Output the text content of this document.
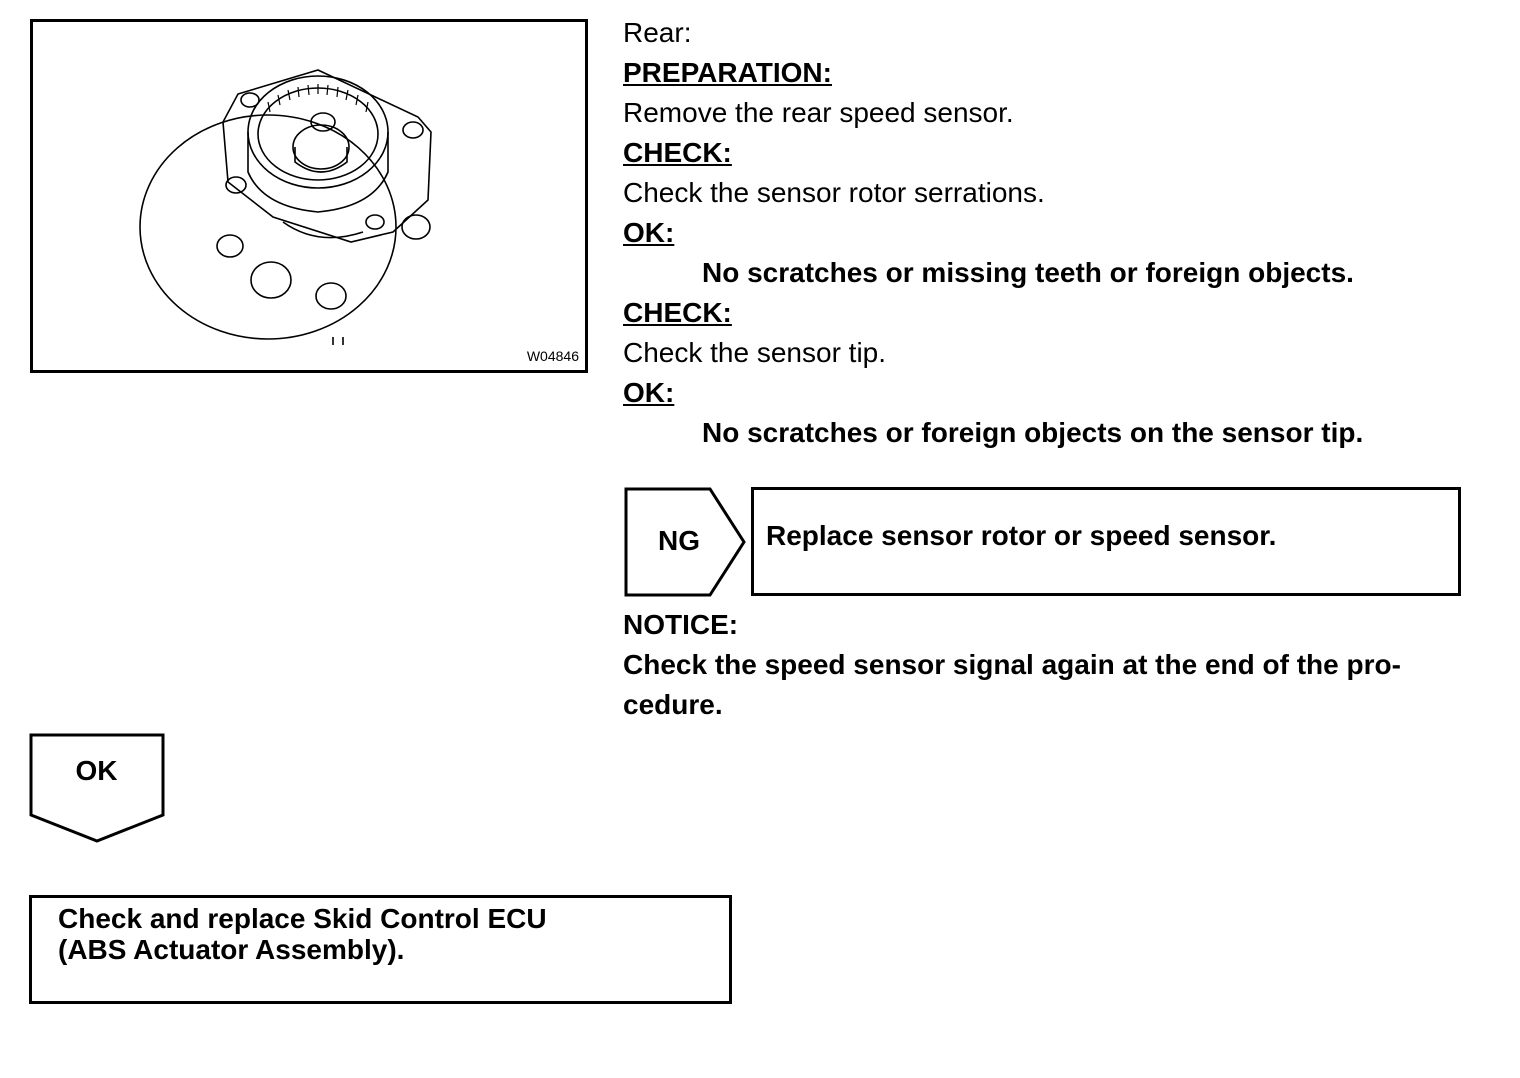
W04846
Rear:
PREPARATION:
Remove the rear speed sensor.
CHECK:
Check the sensor rotor serrations.
OK:
No scratches or missing teeth or foreign objects.
CHECK:
Check the sensor tip.
OK:
No scratches or foreign objects on the sensor tip.
NG	Replace sensor rotor or speed sensor.
NOTICE:
Check the speed sensor signal again at the end of the pro-cedure.
OK
Check and replace Skid Control ECU
(ABS Actuator Assembly).
